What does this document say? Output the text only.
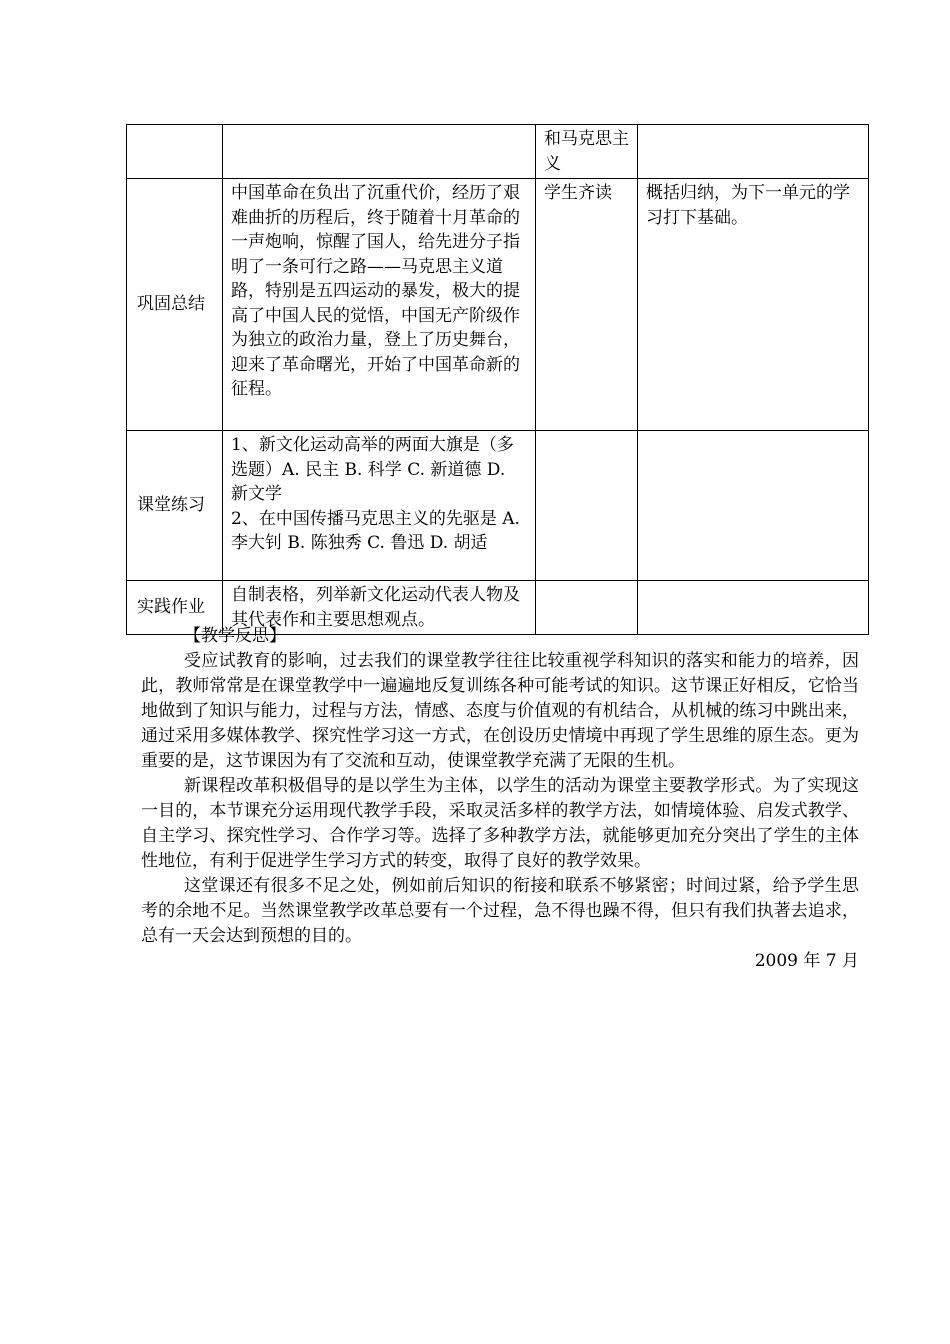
		和马克思主义	
巩固总结	中国革命在负出了沉重代价，经历了艰难曲折的历程后，终于随着十月革命的一声炮响，惊醒了国人，给先进分子指明了一条可行之路——马克思主义道路，特别是五四运动的暴发，极大的提高了中国人民的觉悟，中国无产阶级作为独立的政治力量，登上了历史舞台，迎来了革命曙光，开始了中国革命新的征程。	学生齐读	概括归纳，为下一单元的学习打下基础。
课堂练习	1、新文化运动高举的两面大旗是（多选题）A. 民主 B. 科学 C. 新道德 D. 新文学
2、在中国传播马克思主义的先驱是 A. 李大钊 B. 陈独秀 C. 鲁迅 D. 胡适		

实践作业	自制表格，列举新文化运动代表人物及其代表作和主要思想观点。		
【教学反思】

受应试教育的影响，过去我们的课堂教学往往比较重视学科知识的落实和能力的培养，因此，教师常常是在课堂教学中一遍遍地反复训练各种可能考试的知识。这节课正好相反，它恰当地做到了知识与能力，过程与方法，情感、态度与价值观的有机结合，从机械的练习中跳出来，通过采用多媒体教学、探究性学习这一方式，在创设历史情境中再现了学生思维的原生态。更为重要的是，这节课因为有了交流和互动，使课堂教学充满了无限的生机。

新课程改革积极倡导的是以学生为主体，以学生的活动为课堂主要教学形式。为了实现这一目的，本节课充分运用现代教学手段，采取灵活多样的教学方法，如情境体验、启发式教学、自主学习、探究性学习、合作学习等。选择了多种教学方法，就能够更加充分突出了学生的主体性地位，有利于促进学生学习方式的转变，取得了良好的教学效果。

这堂课还有很多不足之处，例如前后知识的衔接和联系不够紧密；时间过紧，给予学生思考的余地不足。当然课堂教学改革总要有一个过程，急不得也躁不得，但只有我们执著去追求，总有一天会达到预想的目的。

2009 年 7 月
